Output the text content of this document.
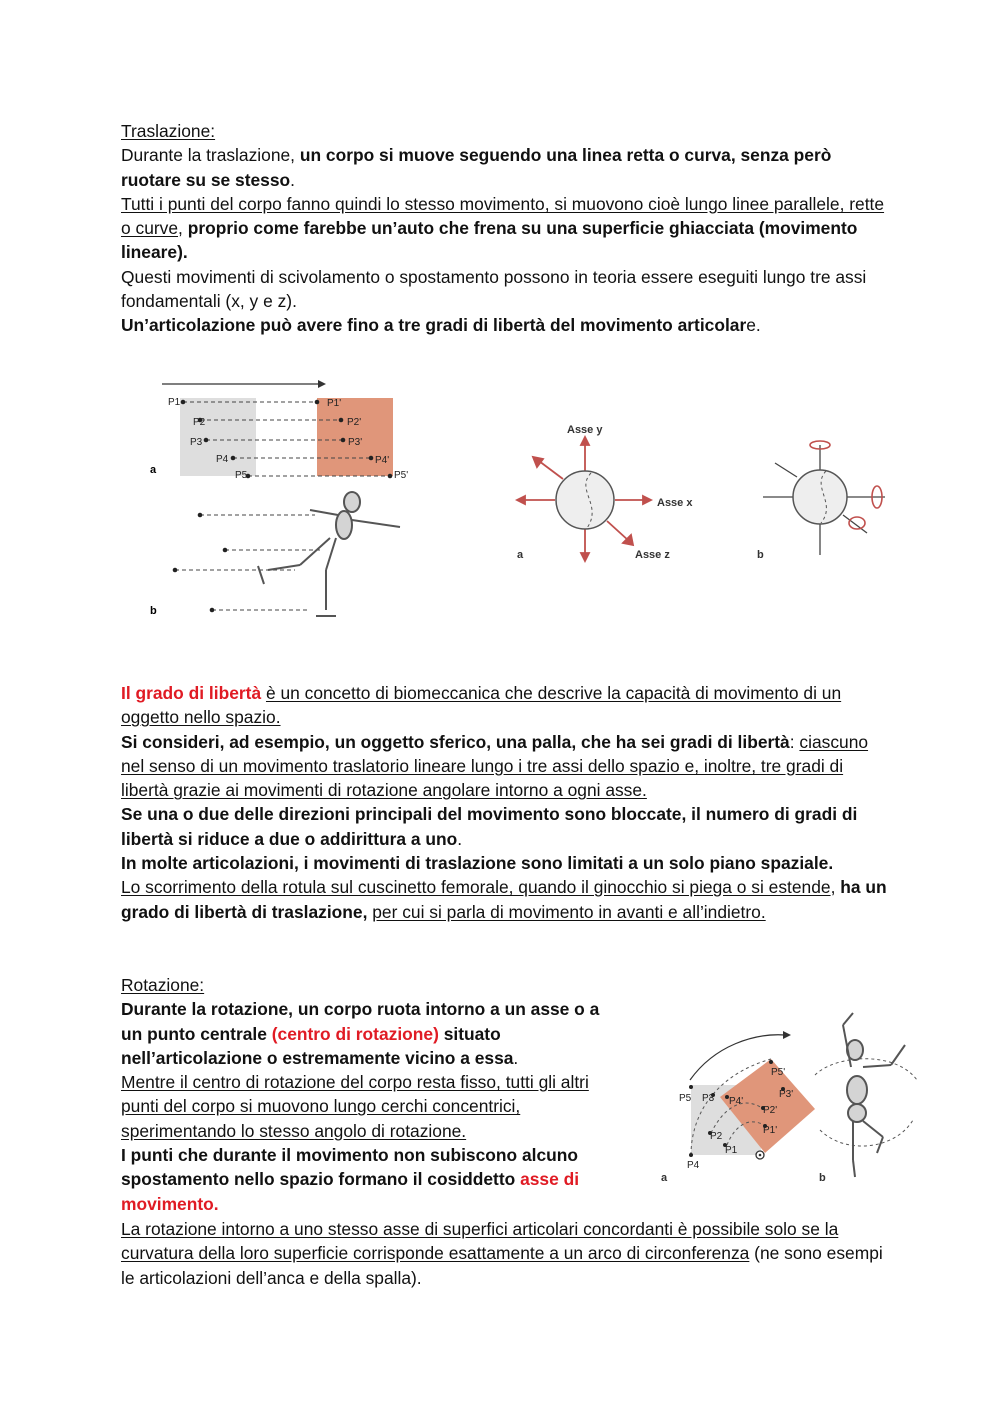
Traslazione:

Durante la traslazione, un corpo si muove seguendo una linea retta o curva, senza però ruotare su se stesso.

Tutti i punti del corpo fanno quindi lo stesso movimento, si muovono cioè lungo linee parallele, rette o curve, proprio come farebbe un’auto che frena su una superficie ghiacciata (movimento lineare).

Questi movimenti di scivolamento o spostamento possono in teoria essere eseguiti lungo tre assi fondamentali (x, y e z).

Un’articolazione può avere fino a tre gradi di libertà del movimento articolare.

P1
P2
P3
P4
P5
P1'
P2'
P3'
P4'
P5'
a
b
Asse y
Asse x
Asse z
a	b

Il grado di libertà è un concetto di biomeccanica che descrive la capacità di movimento di un oggetto nello spazio.

Si consideri, ad esempio, un oggetto sferico, una palla, che ha sei gradi di libertà: ciascuno nel senso di un movimento traslatorio lineare lungo i tre assi dello spazio e, inoltre, tre gradi di libertà grazie ai movimenti di rotazione angolare intorno a ogni asse.

Se una o due delle direzioni principali del movimento sono bloccate, il numero di gradi di libertà si riduce a due o addirittura a uno.

In molte articolazioni, i movimenti di traslazione sono limitati a un solo piano spaziale.

Lo scorrimento della rotula sul cuscinetto femorale, quando il ginocchio si piega o si estende, ha un grado di libertà di traslazione, per cui si parla di movimento in avanti e all’indietro.

Rotazione:

Durante la rotazione, un corpo ruota intorno a un asse o a un punto centrale (centro di rotazione) situato nell’articolazione o estremamente vicino a essa.

Mentre il centro di rotazione del corpo resta fisso, tutti gli altri punti del corpo si muovono lungo cerchi concentrici, sperimentando lo stesso angolo di rotazione.

I punti che durante il movimento non subiscono alcuno spostamento nello spazio formano il cosiddetto asse di movimento.

La rotazione intorno a uno stesso asse di superfici articolari concordanti è possibile solo se la curvatura della loro superficie corrisponde esattamente a un arco di circonferenza (ne sono esempi le articolazioni dell’anca e della spalla).

P5 P3 P4'
P2
P1
P4
P5'
P3'
P2'
P1'
a	b
